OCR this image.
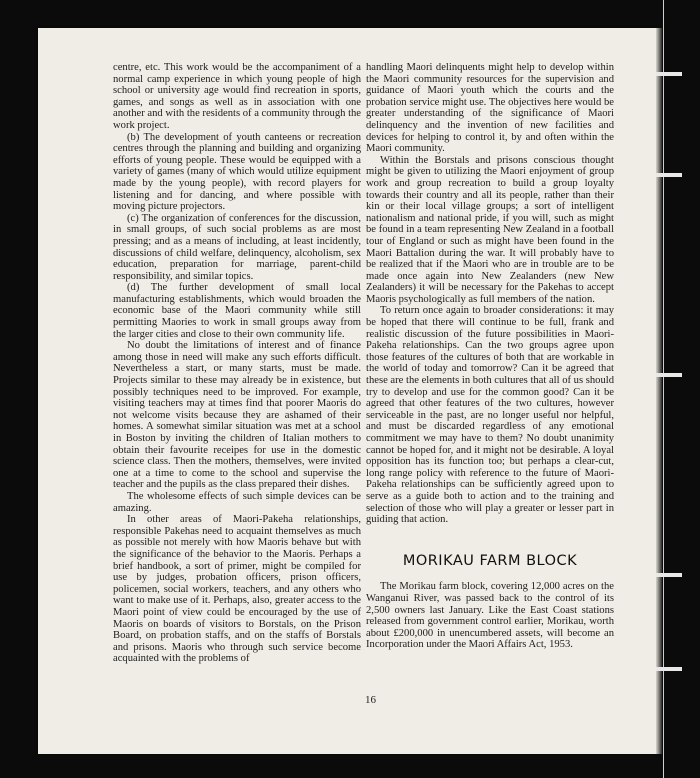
centre, etc. This work would be the accompaniment of a normal camp experience in which young people of high school or university age would find recreation in sports, games, and songs as well as in association with one another and with the residents of a community through the work project.

(b) The development of youth canteens or recreation centres through the planning and building and organizing efforts of young people. These would be equipped with a variety of games (many of which would utilize equipment made by the young people), with record players for listening and for dancing, and where possible with moving picture projectors.

(c) The organization of conferences for the discussion, in small groups, of such social problems as are most pressing; and as a means of including, at least incidently, discussions of child welfare, delinquency, alcoholism, sex education, preparation for marriage, parent-child responsibility, and similar topics.

(d) The further development of small local manufacturing establishments, which would broaden the economic base of the Maori community while still permitting Maories to work in small groups away from the larger cities and close to their own community life.

No doubt the limitations of interest and of finance among those in need will make any such efforts difficult. Nevertheless a start, or many starts, must be made. Projects similar to these may already be in existence, but possibly techniques need to be improved. For example, visiting teachers may at times find that poorer Maoris do not welcome visits because they are ashamed of their homes. A somewhat similar situation was met at a school in Boston by inviting the children of Italian mothers to obtain their favourite receipes for use in the domestic science class. Then the mothers, themselves, were invited one at a time to come to the school and supervise the teacher and the pupils as the class prepared their dishes.

The wholesome effects of such simple devices can be amazing.

In other areas of Maori-Pakeha relationships, responsible Pakehas need to acquaint themselves as much as possible not merely with how Maoris behave but with the significance of the behavior to the Maoris. Perhaps a brief handbook, a sort of primer, might be compiled for use by judges, probation officers, prison officers, policemen, social workers, teachers, and any others who want to make use of it. Perhaps, also, greater access to the Maori point of view could be encouraged by the use of Maoris on boards of visitors to Borstals, on the Prison Board, on probation staffs, and on the staffs of Borstals and prisons. Maoris who through such service become acquainted with the problems of

handling Maori delinquents might help to develop within the Maori community resources for the supervision and guidance of Maori youth which the courts and the probation service might use. The objectives here would be greater understanding of the significance of Maori delinquency and the invention of new facilities and devices for helping to control it, by and often within the Maori community.

Within the Borstals and prisons conscious thought might be given to utilizing the Maori enjoyment of group work and group recreation to build a group loyalty towards their country and all its people, rather than their kin or their local village groups; a sort of intelligent nationalism and national pride, if you will, such as might be found in a team representing New Zealand in a football tour of England or such as might have been found in the Maori Battalion during the war. It will probably have to be realized that if the Maori who are in trouble are to be made once again into New Zealanders (new New Zealanders) it will be necessary for the Pakehas to accept Maoris psychologically as full members of the nation.

To return once again to broader considerations: it may be hoped that there will continue to be full, frank and realistic discussion of the future possibilities in Maori-Pakeha relationships. Can the two groups agree upon those features of the cultures of both that are workable in the world of today and tomorrow? Can it be agreed that these are the elements in both cultures that all of us should try to develop and use for the common good? Can it be agreed that other features of the two cultures, however serviceable in the past, are no longer useful nor helpful, and must be discarded regardless of any emotional commitment we may have to them? No doubt unanimity cannot be hoped for, and it might not be desirable. A loyal opposition has its function too; but perhaps a clear-cut, long range policy with reference to the future of Maori-Pakeha relationships can be sufficiently agreed upon to serve as a guide both to action and to the training and selection of those who will play a greater or lesser part in guiding that action.

MORIKAU FARM BLOCK

The Morikau farm block, covering 12,000 acres on the Wanganui River, was passed back to the control of its 2,500 owners last January. Like the East Coast stations released from government control earlier, Morikau, worth about £200,000 in unencumbered assets, will become an Incorporation under the Maori Affairs Act, 1953.

16
